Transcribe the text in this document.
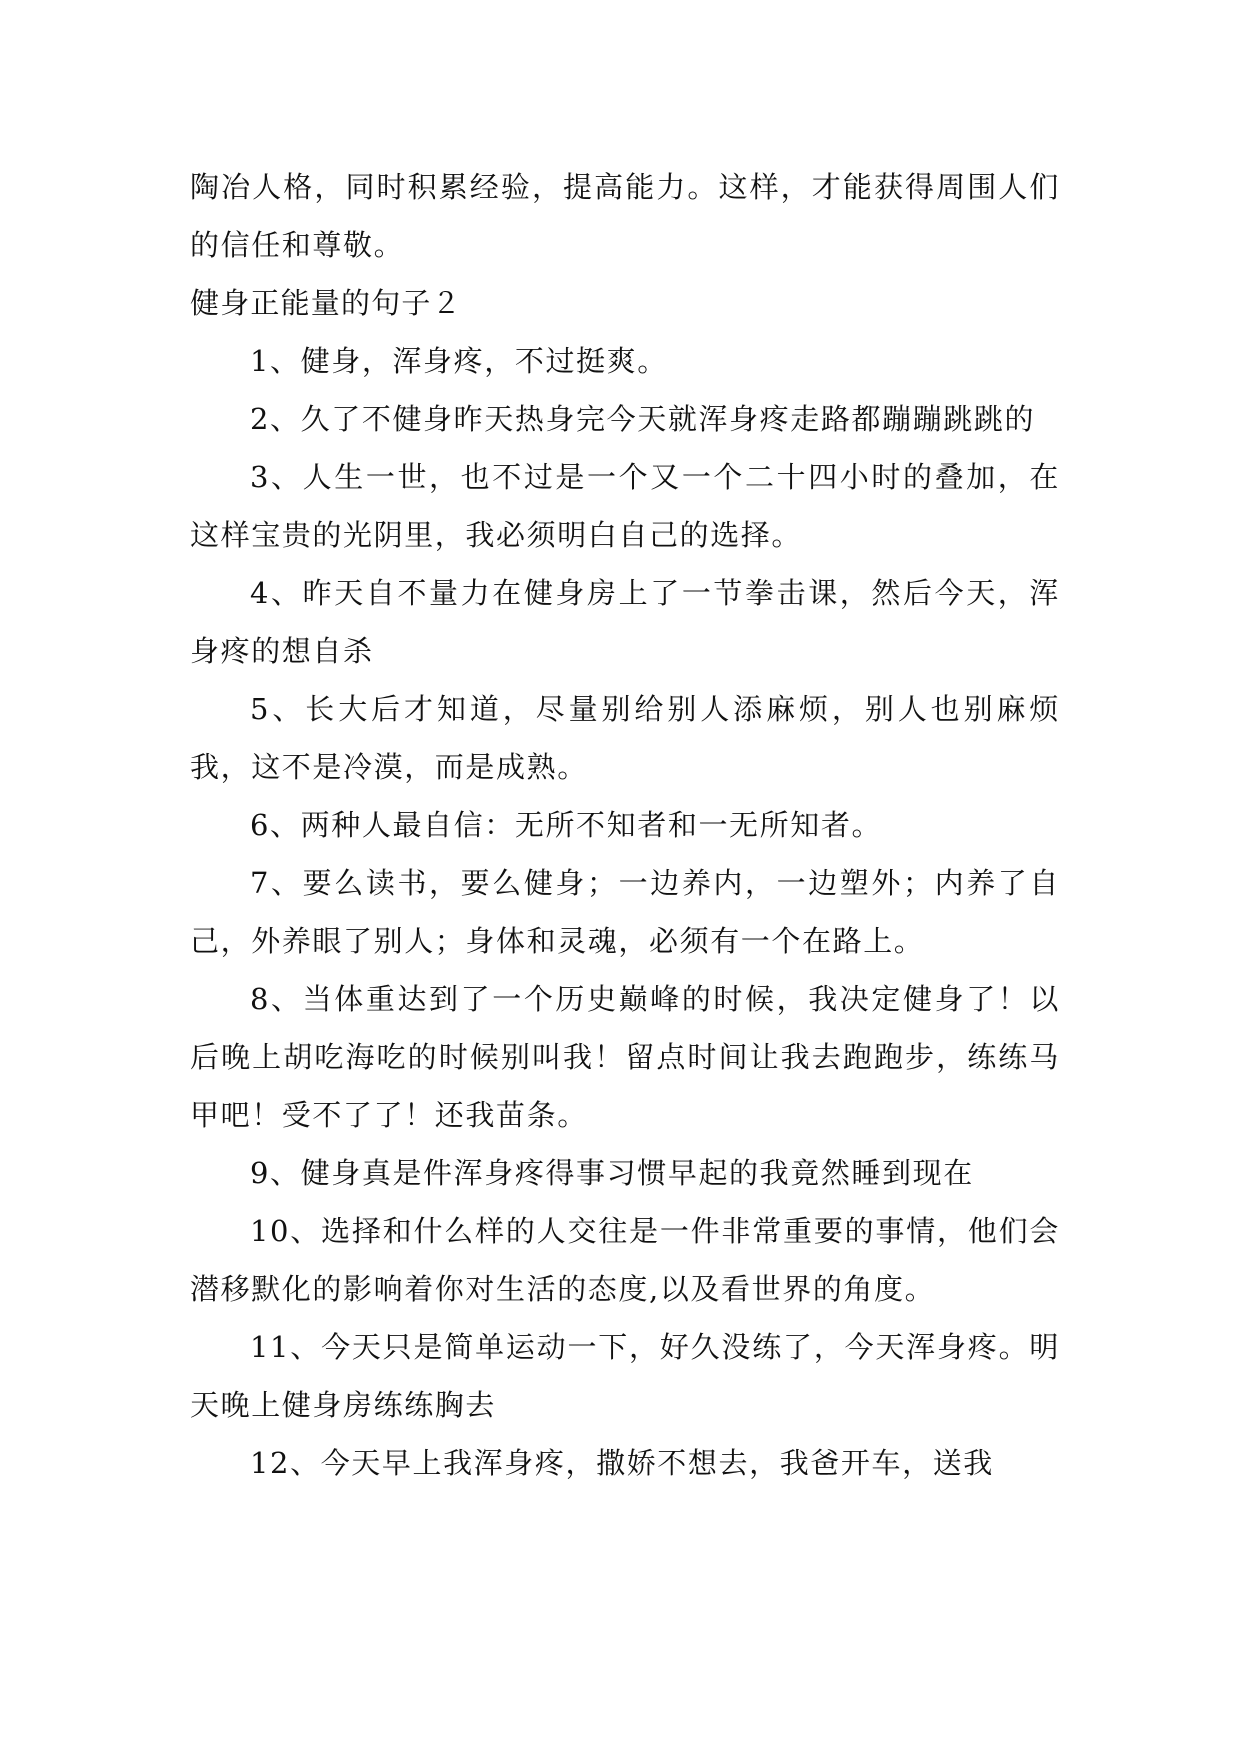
陶冶人格，同时积累经验，提高能力。这样，才能获得周围人们的信任和尊敬。

健身正能量的句子２

1、健身，浑身疼，不过挺爽。

2、久了不健身昨天热身完今天就浑身疼走路都蹦蹦跳跳的

3、人生一世，也不过是一个又一个二十四小时的叠加，在这样宝贵的光阴里，我必须明白自己的选择。

4、昨天自不量力在健身房上了一节拳击课，然后今天，浑身疼的想自杀

5、长大后才知道，尽量别给别人添麻烦，别人也别麻烦我，这不是冷漠，而是成熟。

6、两种人最自信：无所不知者和一无所知者。

7、要么读书，要么健身；一边养内，一边塑外；内养了自己，外养眼了别人；身体和灵魂，必须有一个在路上。

8、当体重达到了一个历史巅峰的时候，我决定健身了！以后晚上胡吃海吃的时候别叫我！留点时间让我去跑跑步，练练马甲吧！受不了了！还我苗条。

9、健身真是件浑身疼得事习惯早起的我竟然睡到现在

10、选择和什么样的人交往是一件非常重要的事情，他们会潜移默化的影响着你对生活的态度,以及看世界的角度。

11、今天只是简单运动一下，好久没练了，今天浑身疼。明天晚上健身房练练胸去

12、今天早上我浑身疼，撒娇不想去，我爸开车，送我
